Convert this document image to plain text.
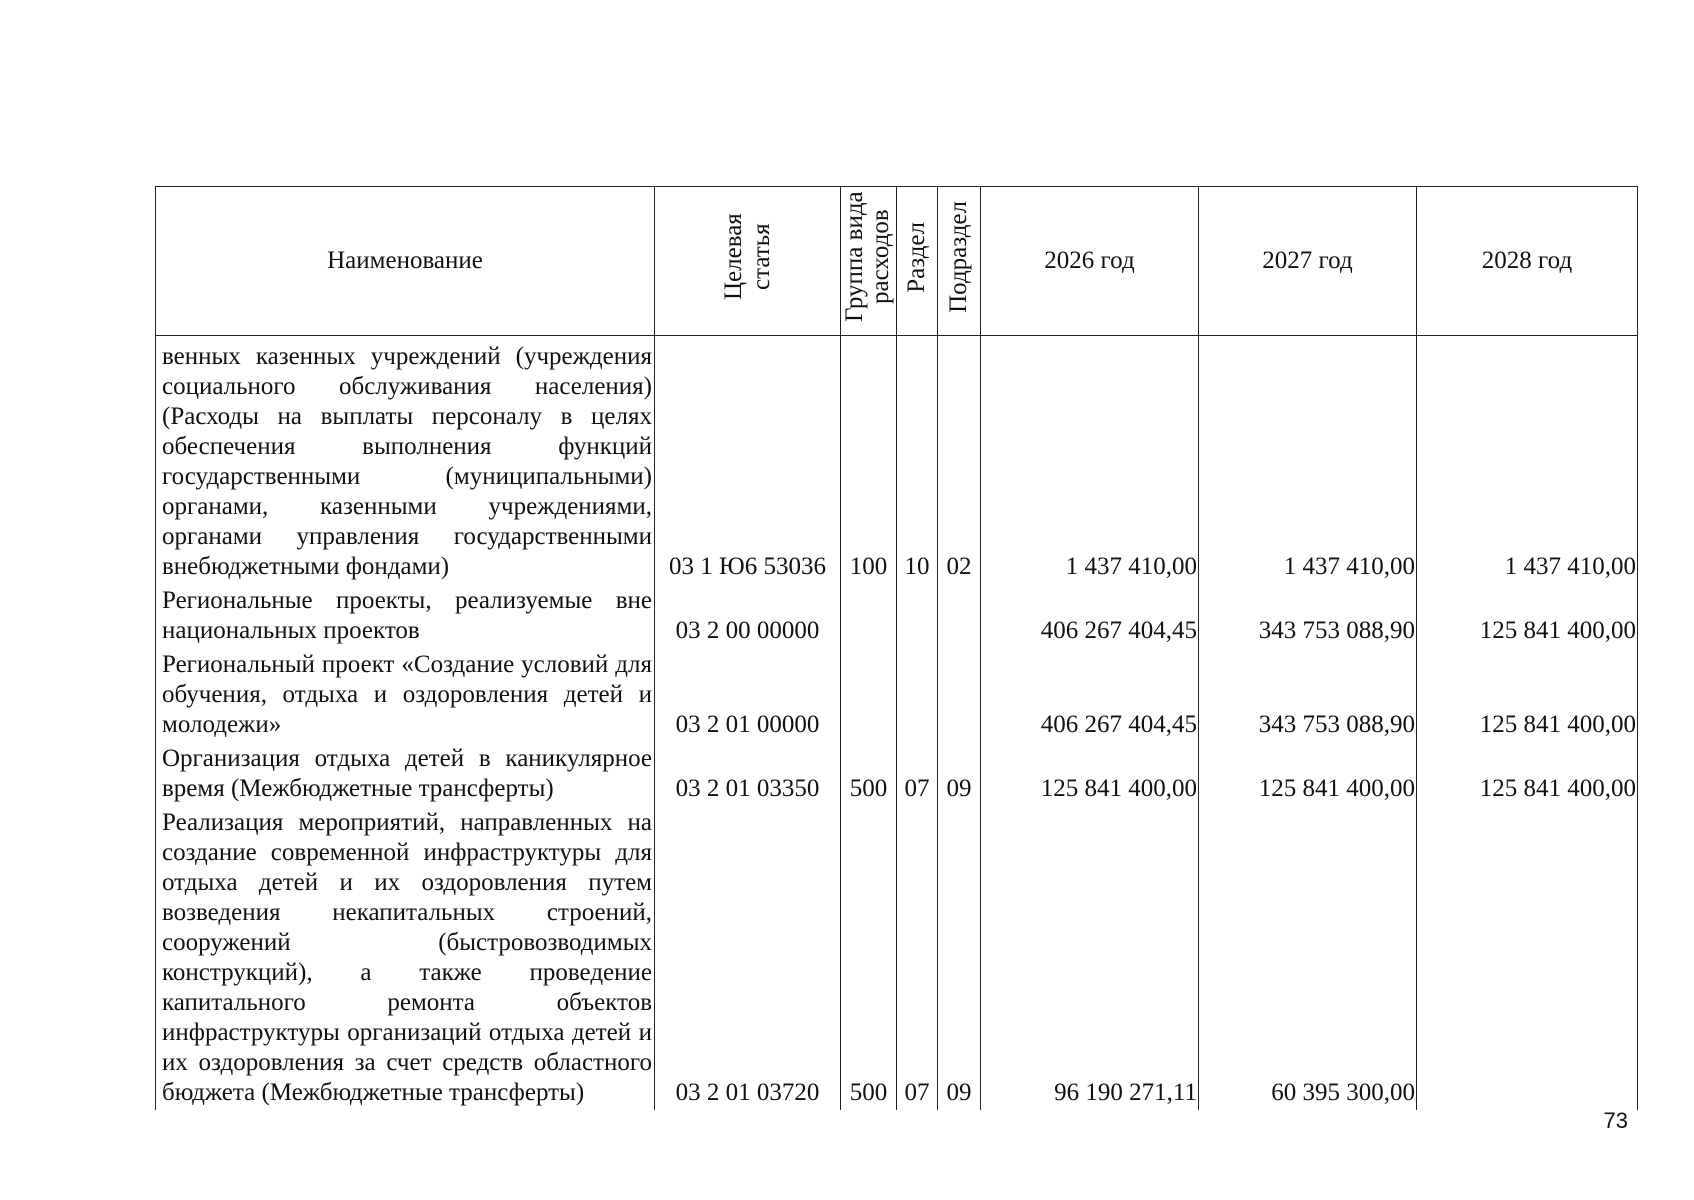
Наименование	Целевая статья	Группа вида расходов	Раздел	Подраздел	2026 год	2027 год	2028 год
венных казенных учреждений (учреждения социального обслуживания населения) (Расходы на выплаты персоналу в целях обеспечения выполнения функций государственными (муниципальными) органами, казенными учреждениями, органами управления государственными внебюджетными фондами)	03 1 Ю6 53036	100	10	02	1 437 410,00	1 437 410,00	1 437 410,00
Региональные проекты, реализуемые вне национальных проектов	03 2 00 00000				406 267 404,45	343 753 088,90	125 841 400,00
Региональный проект «Создание условий для обучения, отдыха и оздоровления детей и молодежи»	03 2 01 00000				406 267 404,45	343 753 088,90	125 841 400,00
Организация отдыха детей в каникулярное время (Межбюджетные трансферты)	03 2 01 03350	500	07	09	125 841 400,00	125 841 400,00	125 841 400,00
Реализация мероприятий, направленных на создание современной инфраструктуры для отдыха детей и их оздоровления путем возведения некапитальных строений, сооружений (быстровозводимых конструкций), а также проведение капитального ремонта объектов инфраструктуры организаций отдыха детей и их оздоровления за счет средств областного бюджета (Межбюджетные трансферты)	03 2 01 03720	500	07	09	96 190 271,11	60 395 300,00	
73
